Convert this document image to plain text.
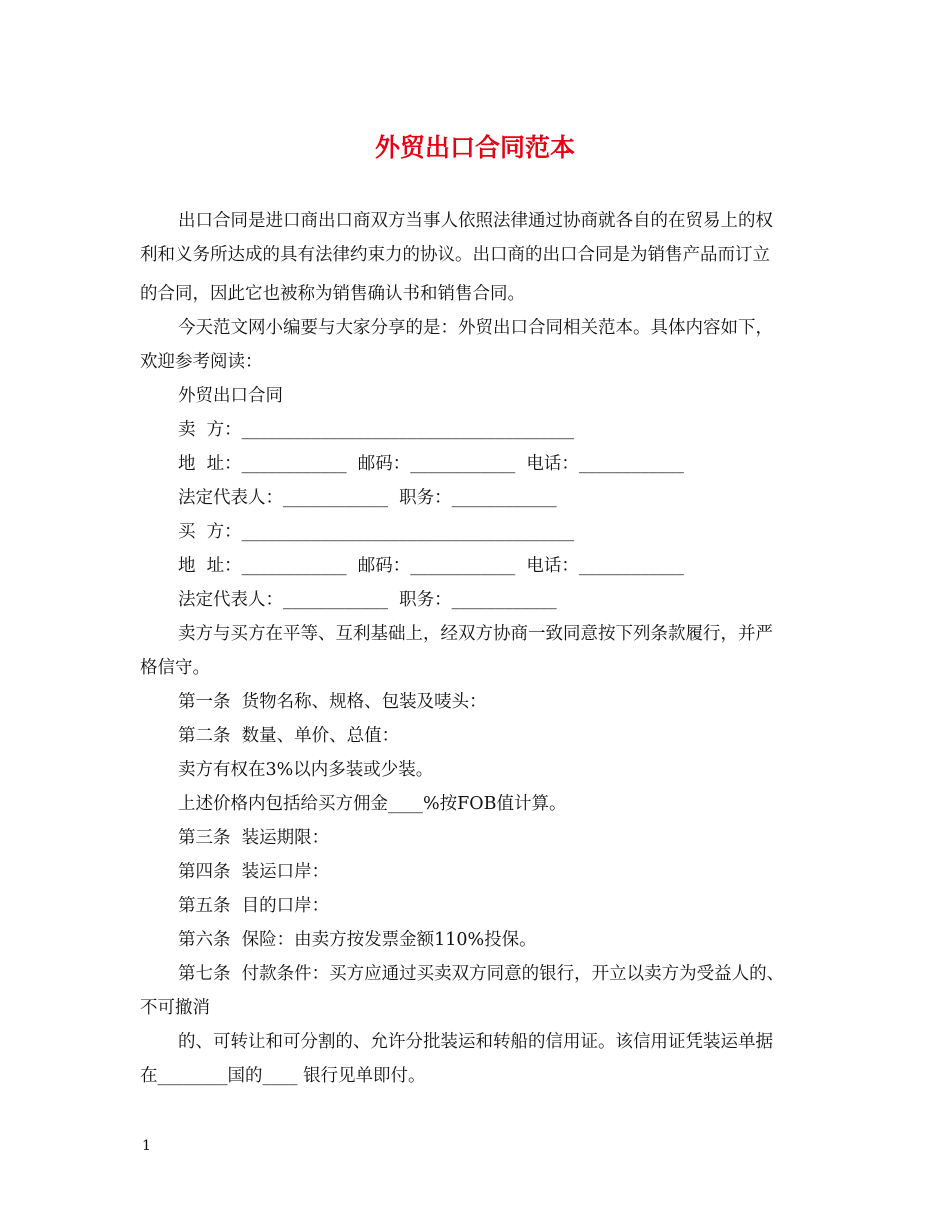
外贸出口合同范本
出口合同是进口商出口商双方当事人依照法律通过协商就各自的在贸易上的权
利和义务所达成的具有法律约束力的协议。出口商的出口合同是为销售产品而订立
的合同，因此它也被称为销售确认书和销售合同。
今天范文网小编要与大家分享的是：外贸出口合同相关范本。具体内容如下，
欢迎参考阅读：
外贸出口合同
卖  方：______________________________________
地  址：____________  邮码：____________  电话：____________
法定代表人：____________  职务：____________
买  方：______________________________________
地  址：____________  邮码：____________  电话：____________
法定代表人：____________  职务：____________
卖方与买方在平等、互利基础上，经双方协商一致同意按下列条款履行，并严
格信守。
第一条  货物名称、规格、包装及唛头：
第二条  数量、单价、总值：
卖方有权在3%以内多装或少装。
上述价格内包括给买方佣金____%按FOB值计算。
第三条  装运期限：
第四条  装运口岸：
第五条  目的口岸：
第六条  保险：由卖方按发票金额110%投保。
第七条  付款条件：买方应通过买卖双方同意的银行，开立以卖方为受益人的、
不可撤消
的、可转让和可分割的、允许分批装运和转船的信用证。该信用证凭装运单据
在________国的____ 银行见单即付。
1
